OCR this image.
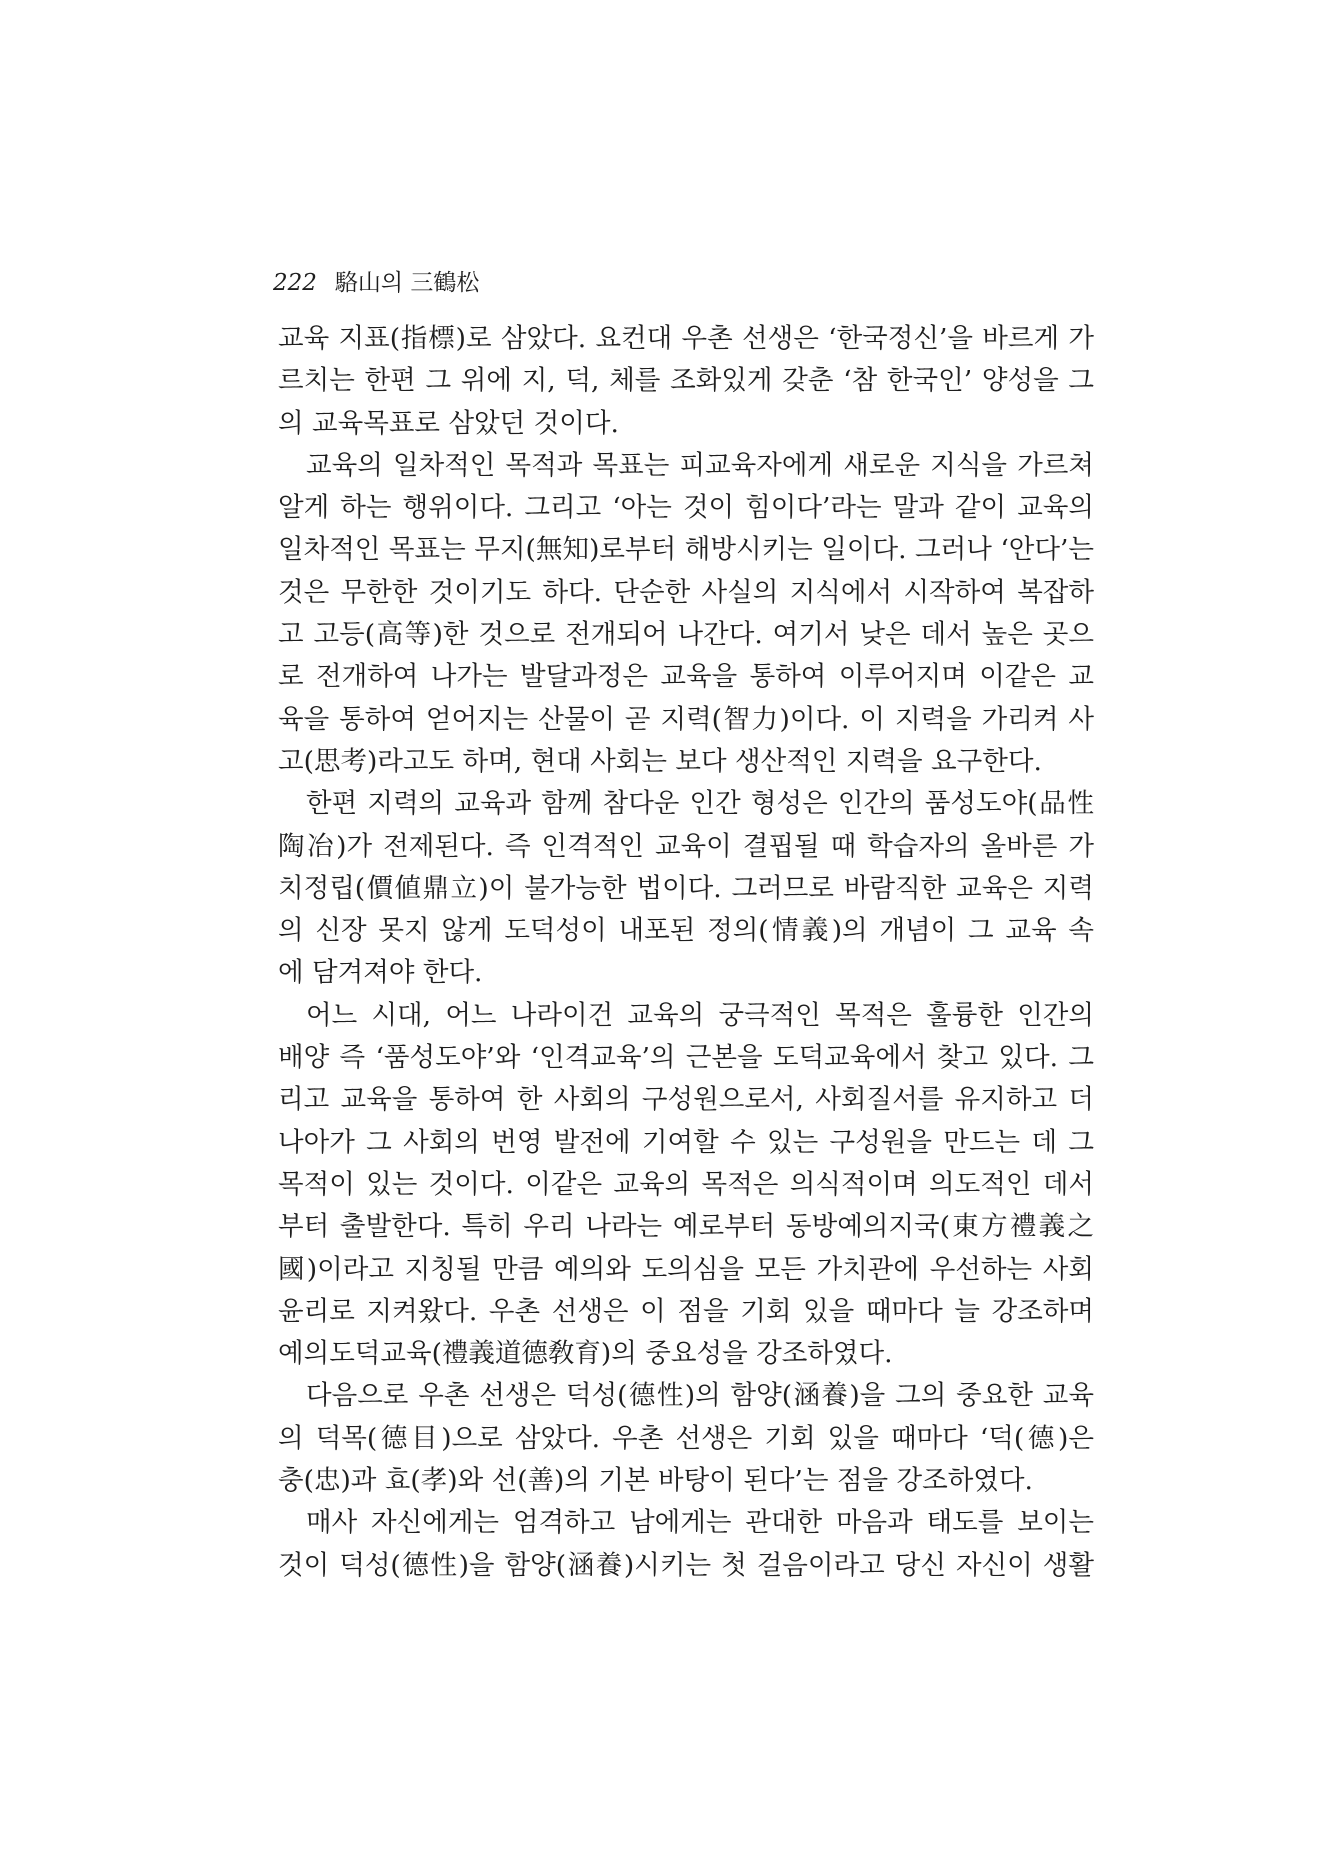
222 駱山의 三鶴松
교육 지표(指標)로 삼았다. 요컨대 우촌 선생은 ‘한국정신’을 바르게 가
르치는 한편 그 위에 지, 덕, 체를 조화있게 갖춘 ‘참 한국인’ 양성을 그
의 교육목표로 삼았던 것이다.
교육의 일차적인 목적과 목표는 피교육자에게 새로운 지식을 가르쳐
알게 하는 행위이다. 그리고 ‘아는 것이 힘이다’라는 말과 같이 교육의
일차적인 목표는 무지(無知)로부터 해방시키는 일이다. 그러나 ‘안다’는
것은 무한한 것이기도 하다. 단순한 사실의 지식에서 시작하여 복잡하
고 고등(高等)한 것으로 전개되어 나간다. 여기서 낮은 데서 높은 곳으
로 전개하여 나가는 발달과정은 교육을 통하여 이루어지며 이같은 교
육을 통하여 얻어지는 산물이 곧 지력(智力)이다. 이 지력을 가리켜 사
고(思考)라고도 하며, 현대 사회는 보다 생산적인 지력을 요구한다.
한편 지력의 교육과 함께 참다운 인간 형성은 인간의 품성도야(品性
陶冶)가 전제된다. 즉 인격적인 교육이 결핍될 때 학습자의 올바른 가
치정립(價値鼎立)이 불가능한 법이다. 그러므로 바람직한 교육은 지력
의 신장 못지 않게 도덕성이 내포된 정의(情義)의 개념이 그 교육 속
에 담겨져야 한다.
어느 시대, 어느 나라이건 교육의 궁극적인 목적은 훌륭한 인간의
배양 즉 ‘품성도야’와 ‘인격교육’의 근본을 도덕교육에서 찾고 있다. 그
리고 교육을 통하여 한 사회의 구성원으로서, 사회질서를 유지하고 더
나아가 그 사회의 번영 발전에 기여할 수 있는 구성원을 만드는 데 그
목적이 있는 것이다. 이같은 교육의 목적은 의식적이며 의도적인 데서
부터 출발한다. 특히 우리 나라는 예로부터 동방예의지국(東方禮義之
國)이라고 지칭될 만큼 예의와 도의심을 모든 가치관에 우선하는 사회
윤리로 지켜왔다. 우촌 선생은 이 점을 기회 있을 때마다 늘 강조하며
예의도덕교육(禮義道德敎育)의 중요성을 강조하였다.
다음으로 우촌 선생은 덕성(德性)의 함양(涵養)을 그의 중요한 교육
의 덕목(德目)으로 삼았다. 우촌 선생은 기회 있을 때마다 ‘덕(德)은
충(忠)과 효(孝)와 선(善)의 기본 바탕이 된다’는 점을 강조하였다.
매사 자신에게는 엄격하고 남에게는 관대한 마음과 태도를 보이는
것이 덕성(德性)을 함양(涵養)시키는 첫 걸음이라고 당신 자신이 생활
